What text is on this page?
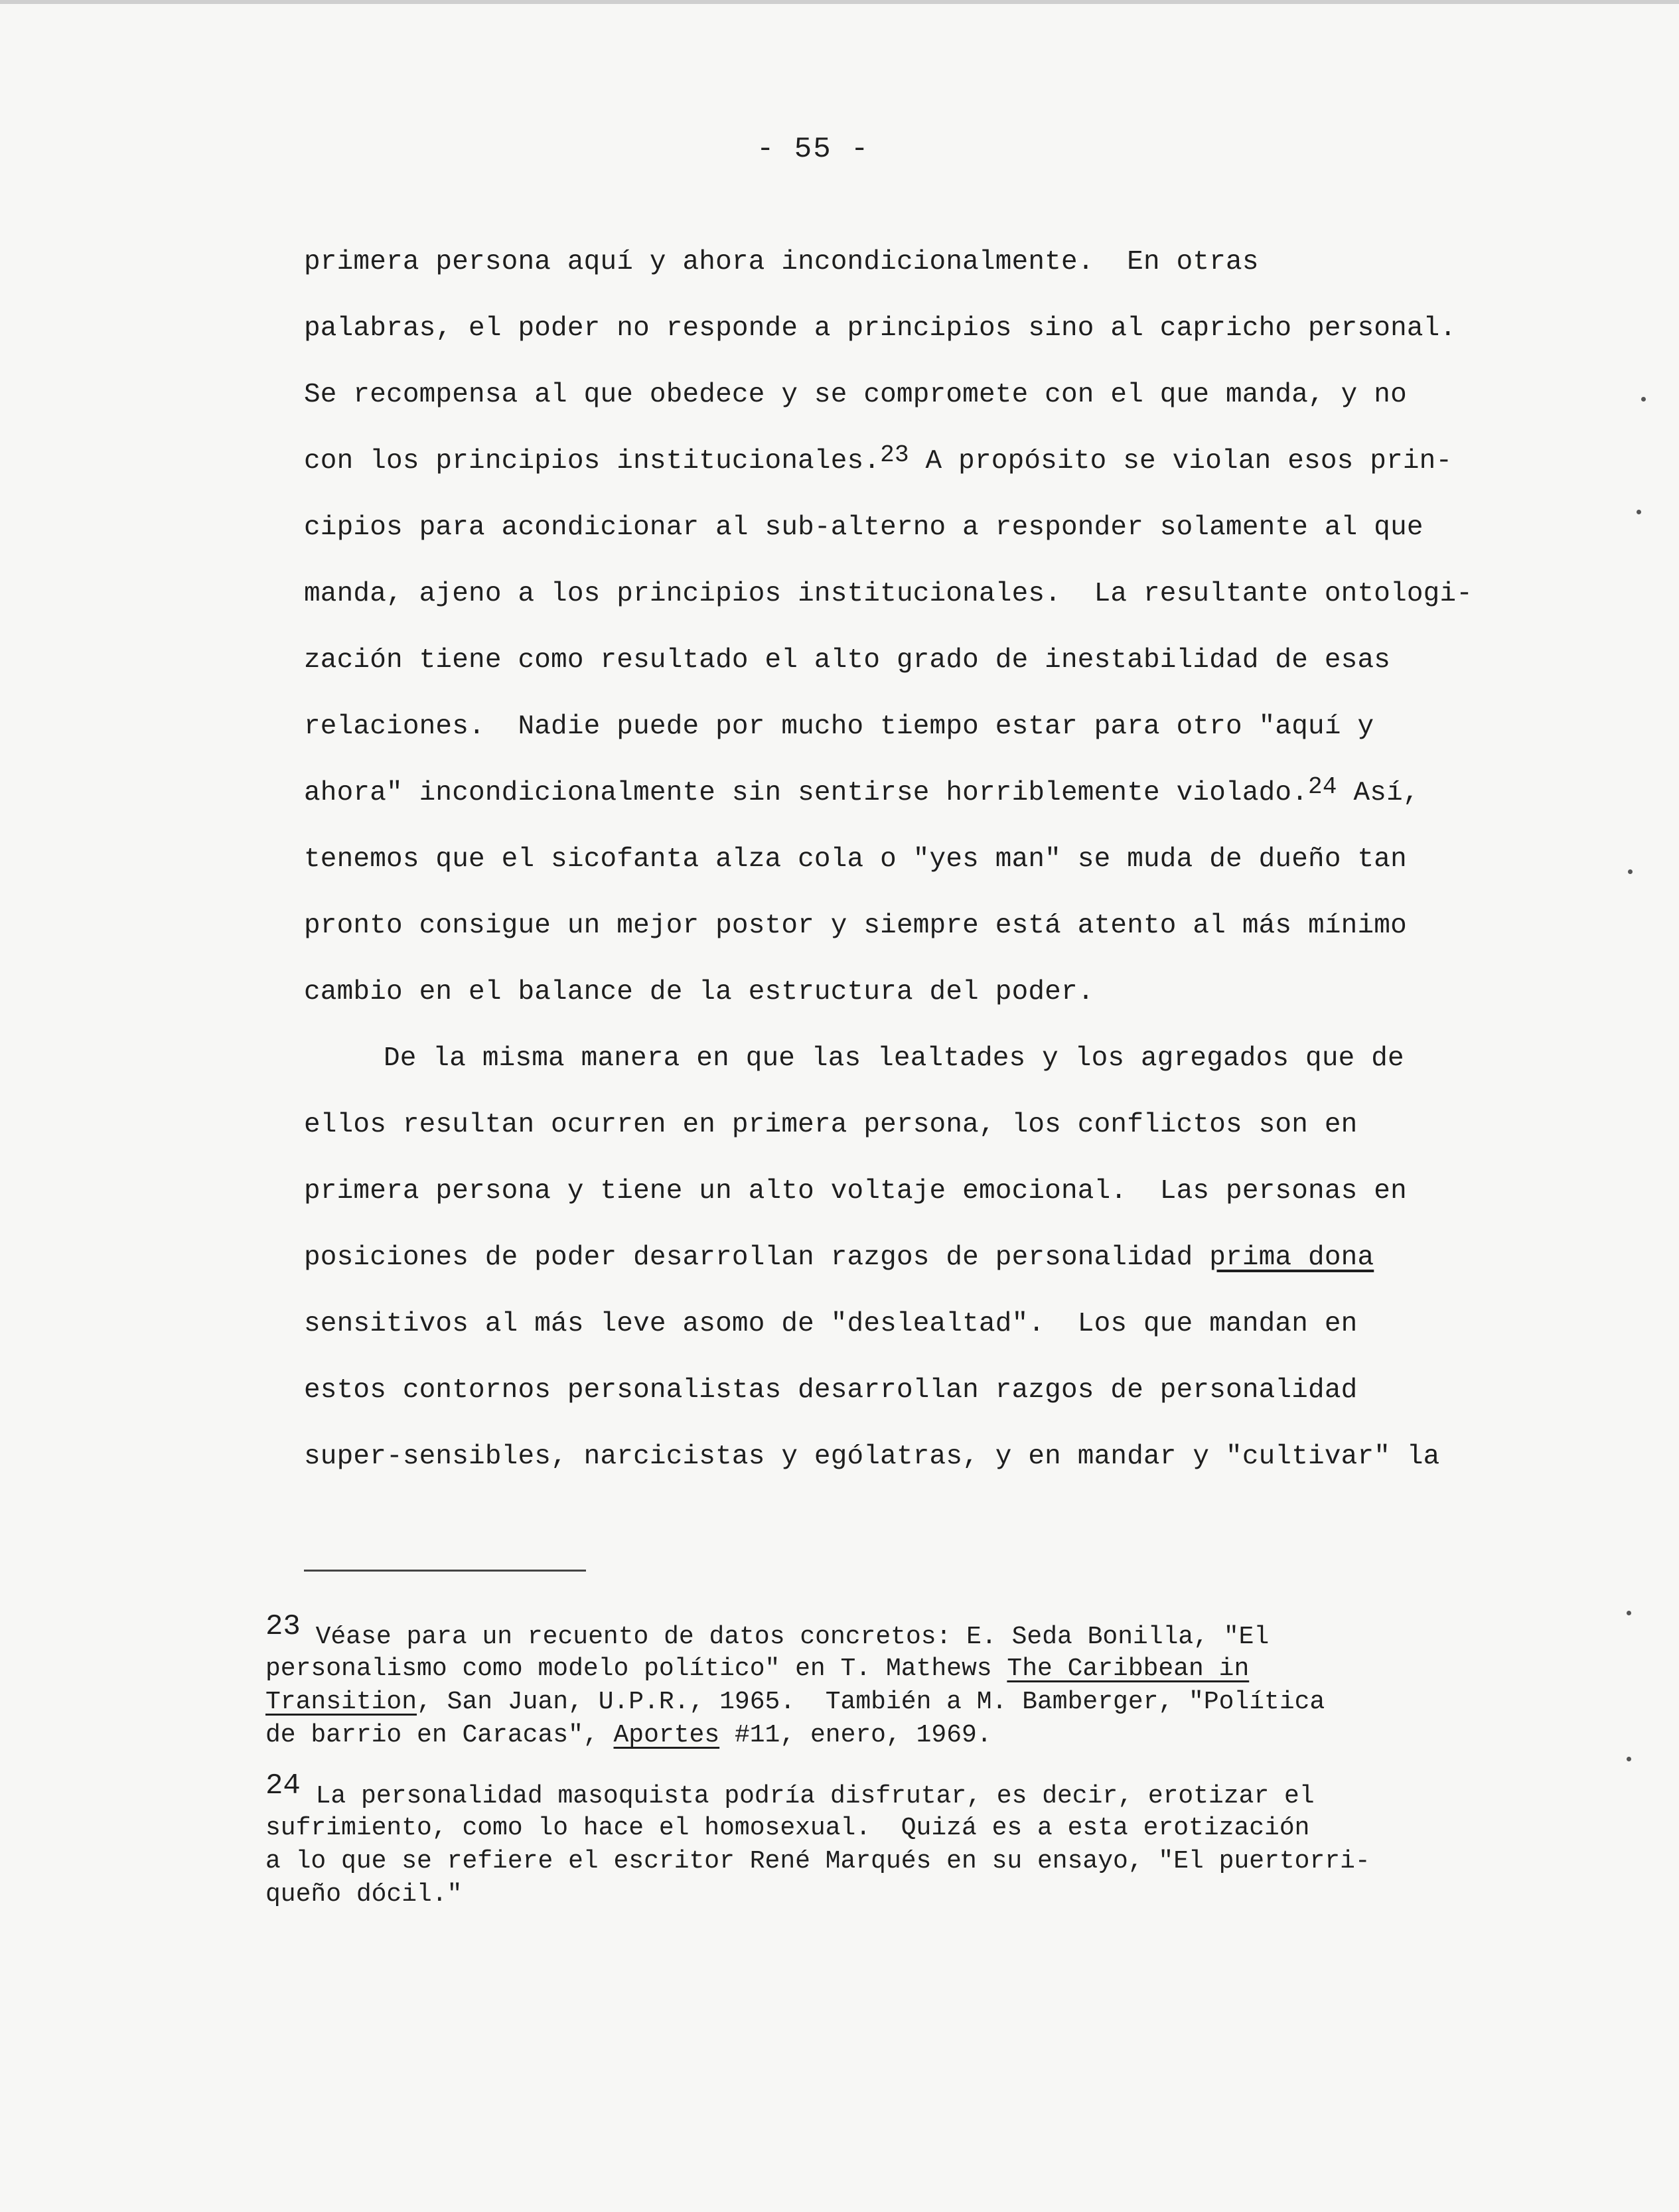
- 55 -
primera persona aquí y ahora incondicionalmente.  En otras
palabras, el poder no responde a principios sino al capricho personal.
Se recompensa al que obedece y se compromete con el que manda, y no
con los principios institucionales.$^{23}$ A propósito se violan esos prin-
cipios para acondicionar al sub-alterno a responder solamente al que
manda, ajeno a los principios institucionales.  La resultante ontologi-
zación tiene como resultado el alto grado de inestabilidad de esas
relaciones.  Nadie puede por mucho tiempo estar para otro "aquí y
ahora" incondicionalmente sin sentirse horriblemente violado.$^{24}$ Así,
tenemos que el sicofanta alza cola o "yes man" se muda de dueño tan
pronto consigue un mejor postor y siempre está atento al más mínimo
cambio en el balance de la estructura del poder.
De la misma manera en que las lealtades y los agregados que de
ellos resultan ocurren en primera persona, los conflictos son en
primera persona y tiene un alto voltaje emocional.  Las personas en
posiciones de poder desarrollan razgos de personalidad prima dona
sensitivos al más leve asomo de "deslealtad".  Los que mandan en
estos contornos personalistas desarrollan razgos de personalidad
super-sensibles, narcicistas y ególatras, y en mandar y "cultivar" la
23 Véase para un recuento de datos concretos: E. Seda Bonilla, "El
personalismo como modelo político" en T. Mathews The Caribbean in
Transition, San Juan, U.P.R., 1965.  También a M. Bamberger, "Política
de barrio en Caracas", Aportes #11, enero, 1969.
24 La personalidad masoquista podría disfrutar, es decir, erotizar el
sufrimiento, como lo hace el homosexual.  Quizá es a esta erotización
a lo que se refiere el escritor René Marqués en su ensayo, "El puertorri-
queño dócil."
